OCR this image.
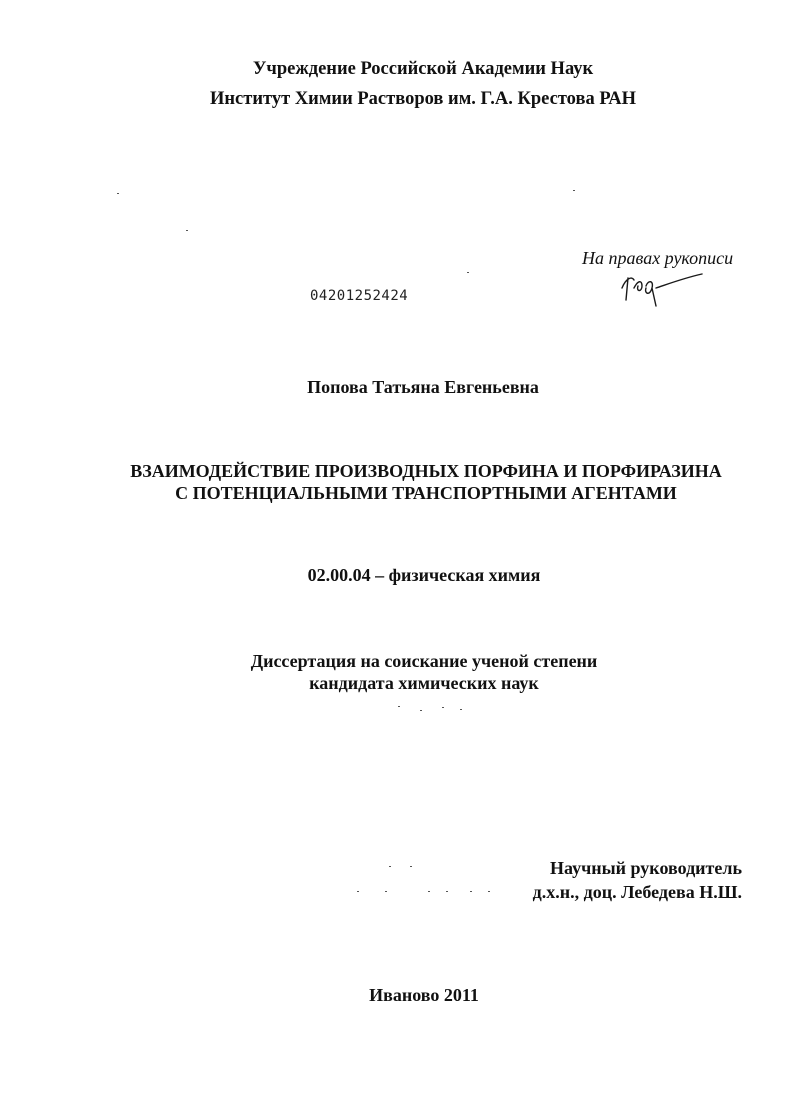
Учреждение Российской Академии Наук
Институт Химии Растворов им. Г.А. Крестова РАН
На правах рукописи
04201252424
Попова Татьяна Евгеньевна
ВЗАИМОДЕЙСТВИЕ ПРОИЗВОДНЫХ ПОРФИНА И ПОРФИРАЗИНА
С ПОТЕНЦИАЛЬНЫМИ ТРАНСПОРТНЫМИ АГЕНТАМИ
02.00.04 – физическая химия
Диссертация на соискание ученой степени
кандидата химических наук
Научный руководитель
д.х.н., доц. Лебедева Н.Ш.
Иваново 2011
